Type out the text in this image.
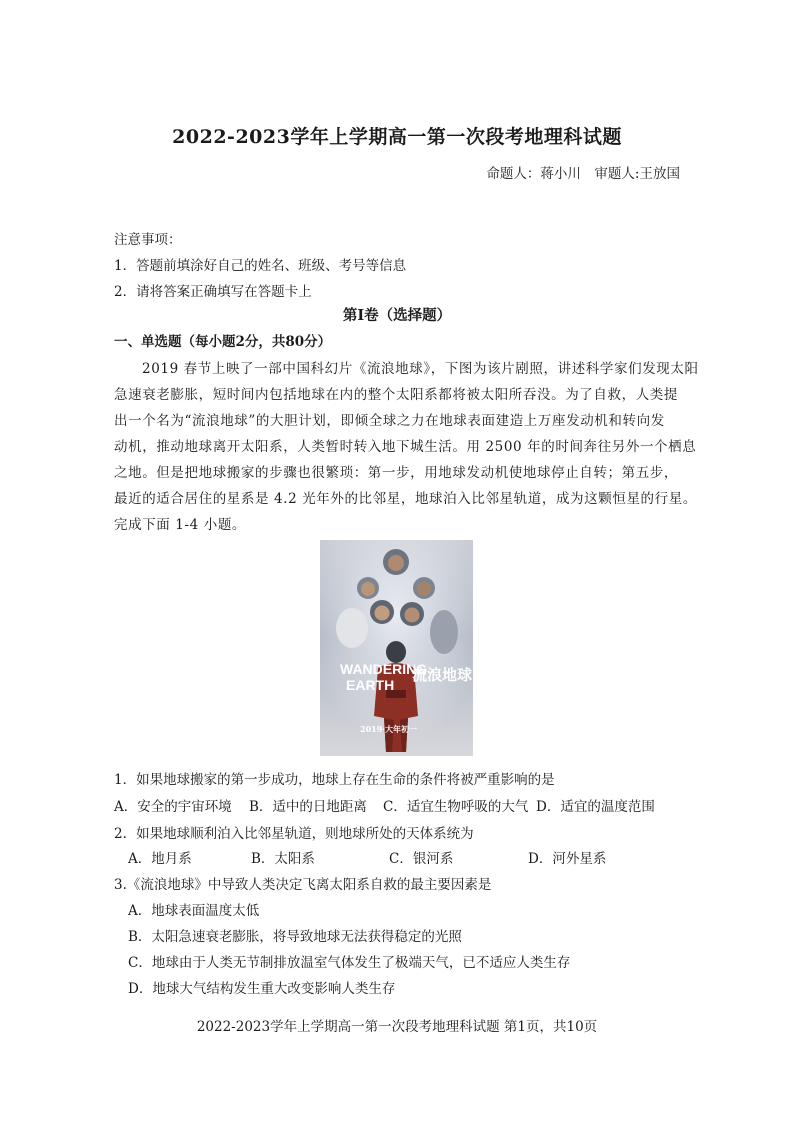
2022-2023学年上学期高一第一次段考地理科试题
命题人：蒋小川　审题人:王放国
注意事项：
1．答题前填涂好自己的姓名、班级、考号等信息
2．请将答案正确填写在答题卡上
第Ⅰ卷（选择题）
一、单选题（每小题2分，共80分）
2019 春节上映了一部中国科幻片《流浪地球》，下图为该片剧照，讲述科学家们发现太阳
急速衰老膨胀，短时间内包括地球在内的整个太阳系都将被太阳所吞没。为了自救，人类提
出一个名为“流浪地球”的大胆计划，即倾全球之力在地球表面建造上万座发动机和转向发
动机，推动地球离开太阳系，人类暂时转入地下城生活。用 2500 年的时间奔往另外一个栖息
之地。但是把地球搬家的步骤也很繁琐：第一步，用地球发动机使地球停止自转；第五步，
最近的适合居住的星系是 4.2 光年外的比邻星，地球泊入比邻星轨道，成为这颗恒星的行星。
完成下面 1-4 小题。
WANDERING
EARTH
流浪地球
2019·大年初一
1．如果地球搬家的第一步成功，地球上存在生命的条件将被严重影响的是
A．安全的宇宙环境 B．适中的日地距离 C．适宜生物呼吸的大气 D．适宜的温度范围
2．如果地球顺利泊入比邻星轨道，则地球所处的天体系统为
A．地月系	B．太阳系	C．银河系	D．河外星系
3.《流浪地球》中导致人类决定飞离太阳系自救的最主要因素是
A．地球表面温度太低
B．太阳急速衰老膨胀，将导致地球无法获得稳定的光照
C．地球由于人类无节制排放温室气体发生了极端天气，已不适应人类生存
D．地球大气结构发生重大改变影响人类生存
2022-2023学年上学期高一第一次段考地理科试题 第1页，共10页
